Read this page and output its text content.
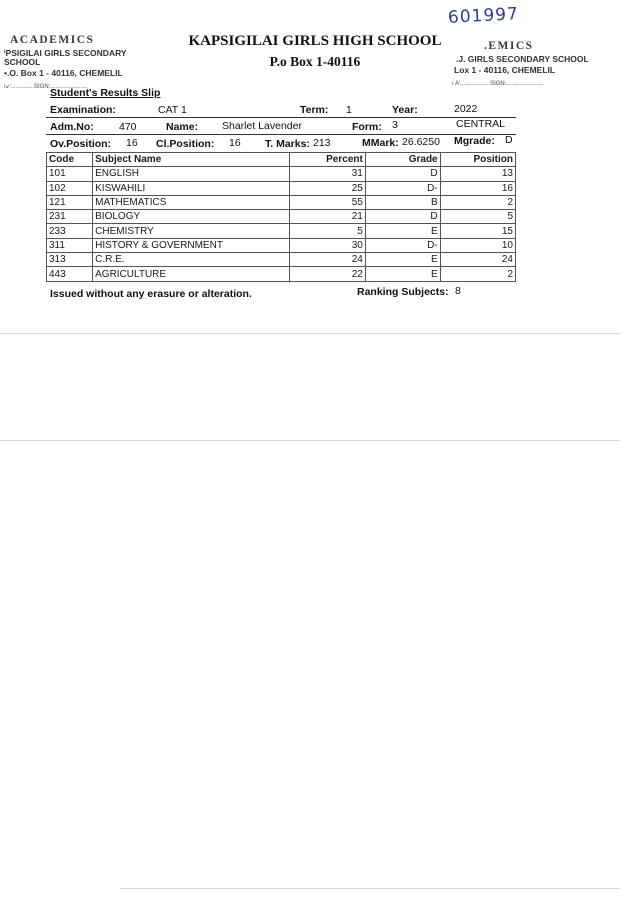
ACADEMICS
ⁱPSIGILAI GIRLS SECONDARY SCHOOL
•.O. Box 1 - 40116, CHEMELIL
ı↙:.............SIGN:......................
.EMICS
.J. GIRLS SECONDARY SCHOOL
Lox 1 - 40116, CHEMELIL
ı Aⁱ..................SIGN:......................
601997
KAPSIGILAI GIRLS HIGH SCHOOL
P.o Box 1-40116
Student's Results Slip
Examination:	CAT 1	Term: 1	Year:	2022
Adm.No: 470	Name: Sharlet Lavender	Form: 3	CENTRAL
Ov.Position: 16 Cl.Position: 16 T. Marks: 213	MMark: 26.6250 Mgrade: D
Code	Subject Name	Percent	Grade	Position
101	ENGLISH	31	D	13
102	KISWAHILI	25	D-	16
121	MATHEMATICS	55	B	2
231	BIOLOGY	21	D	5
233	CHEMISTRY	5	E	15
311	HISTORY & GOVERNMENT	30	D-	10
313	C.R.E.	24	E	24
443	AGRICULTURE	22	E	2
Issued without any erasure or alteration.	Ranking Subjects: 8
